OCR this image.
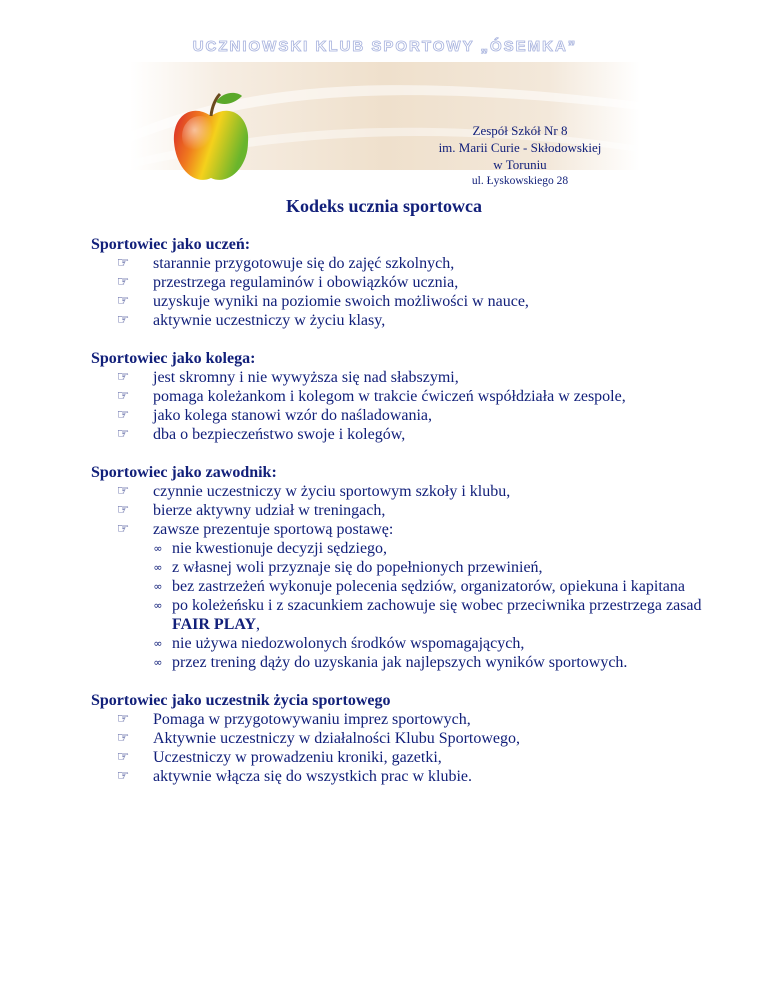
UCZNIOWSKI KLUB SPORTOWY „ÓSEMKA”
Zespół Szkół Nr 8
im. Marii Curie - Skłodowskiej
w Toruniu
ul. Łyskowskiego 28
Kodeks ucznia sportowca
Sportowiec jako uczeń:
☞	starannie przygotowuje się do zajęć szkolnych,
☞	przestrzega regulaminów i obowiązków ucznia,
☞	uzyskuje wyniki na poziomie swoich możliwości w nauce,
☞	aktywnie uczestniczy w życiu klasy,
Sportowiec jako kolega:
☞	jest skromny i nie wywyższa się nad słabszymi,
☞	pomaga koleżankom i kolegom w trakcie ćwiczeń współdziała w zespole,
☞	jako kolega stanowi wzór do naśladowania,
☞	dba o bezpieczeństwo swoje i kolegów,
Sportowiec jako zawodnik:
☞	czynnie uczestniczy w życiu sportowym szkoły i klubu,
☞	bierze aktywny udział w treningach,
☞	zawsze prezentuje sportową postawę:
∞ nie kwestionuje decyzji sędziego,
∞ z własnej woli przyznaje się do popełnionych przewinień,
∞ bez zastrzeżeń wykonuje polecenia sędziów, organizatorów, opiekuna i kapitana
∞ po koleżeńsku i z szacunkiem zachowuje się wobec przeciwnika przestrzega zasad FAIR PLAY,
∞ nie używa niedozwolonych środków wspomagających,
∞ przez trening dąży do uzyskania jak najlepszych wyników sportowych.
Sportowiec jako uczestnik życia sportowego
☞	Pomaga w przygotowywaniu imprez sportowych,
☞	Aktywnie uczestniczy w działalności Klubu Sportowego,
☞	Uczestniczy w prowadzeniu kroniki, gazetki,
☞	aktywnie włącza się do wszystkich prac w klubie.
